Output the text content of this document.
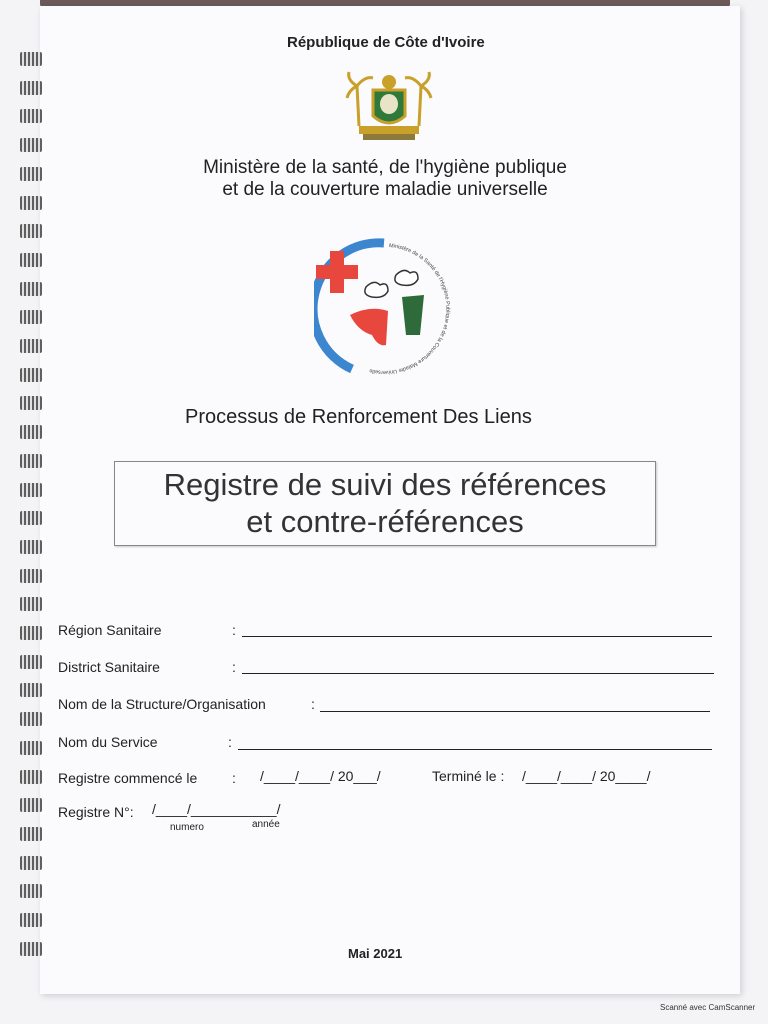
République de Côte d'Ivoire
Ministère de la santé, de l'hygiène publique
et de la couverture maladie universelle
Ministère de la Santé de l'Hygiène Publique et de la Couverture Maladie Universelle
Processus de Renforcement Des Liens
Registre de suivi des références
et contre-références
Région Sanitaire	:
District Sanitaire	:
Nom de la Structure/Organisation	:
Nom du Service	:
Registre commencé le : /____/____/ 20___/	Terminé le : /____/____/ 20____/
Registre N°: /____/___________/
numero	année
Mai 2021
Scanné avec CamScanner
